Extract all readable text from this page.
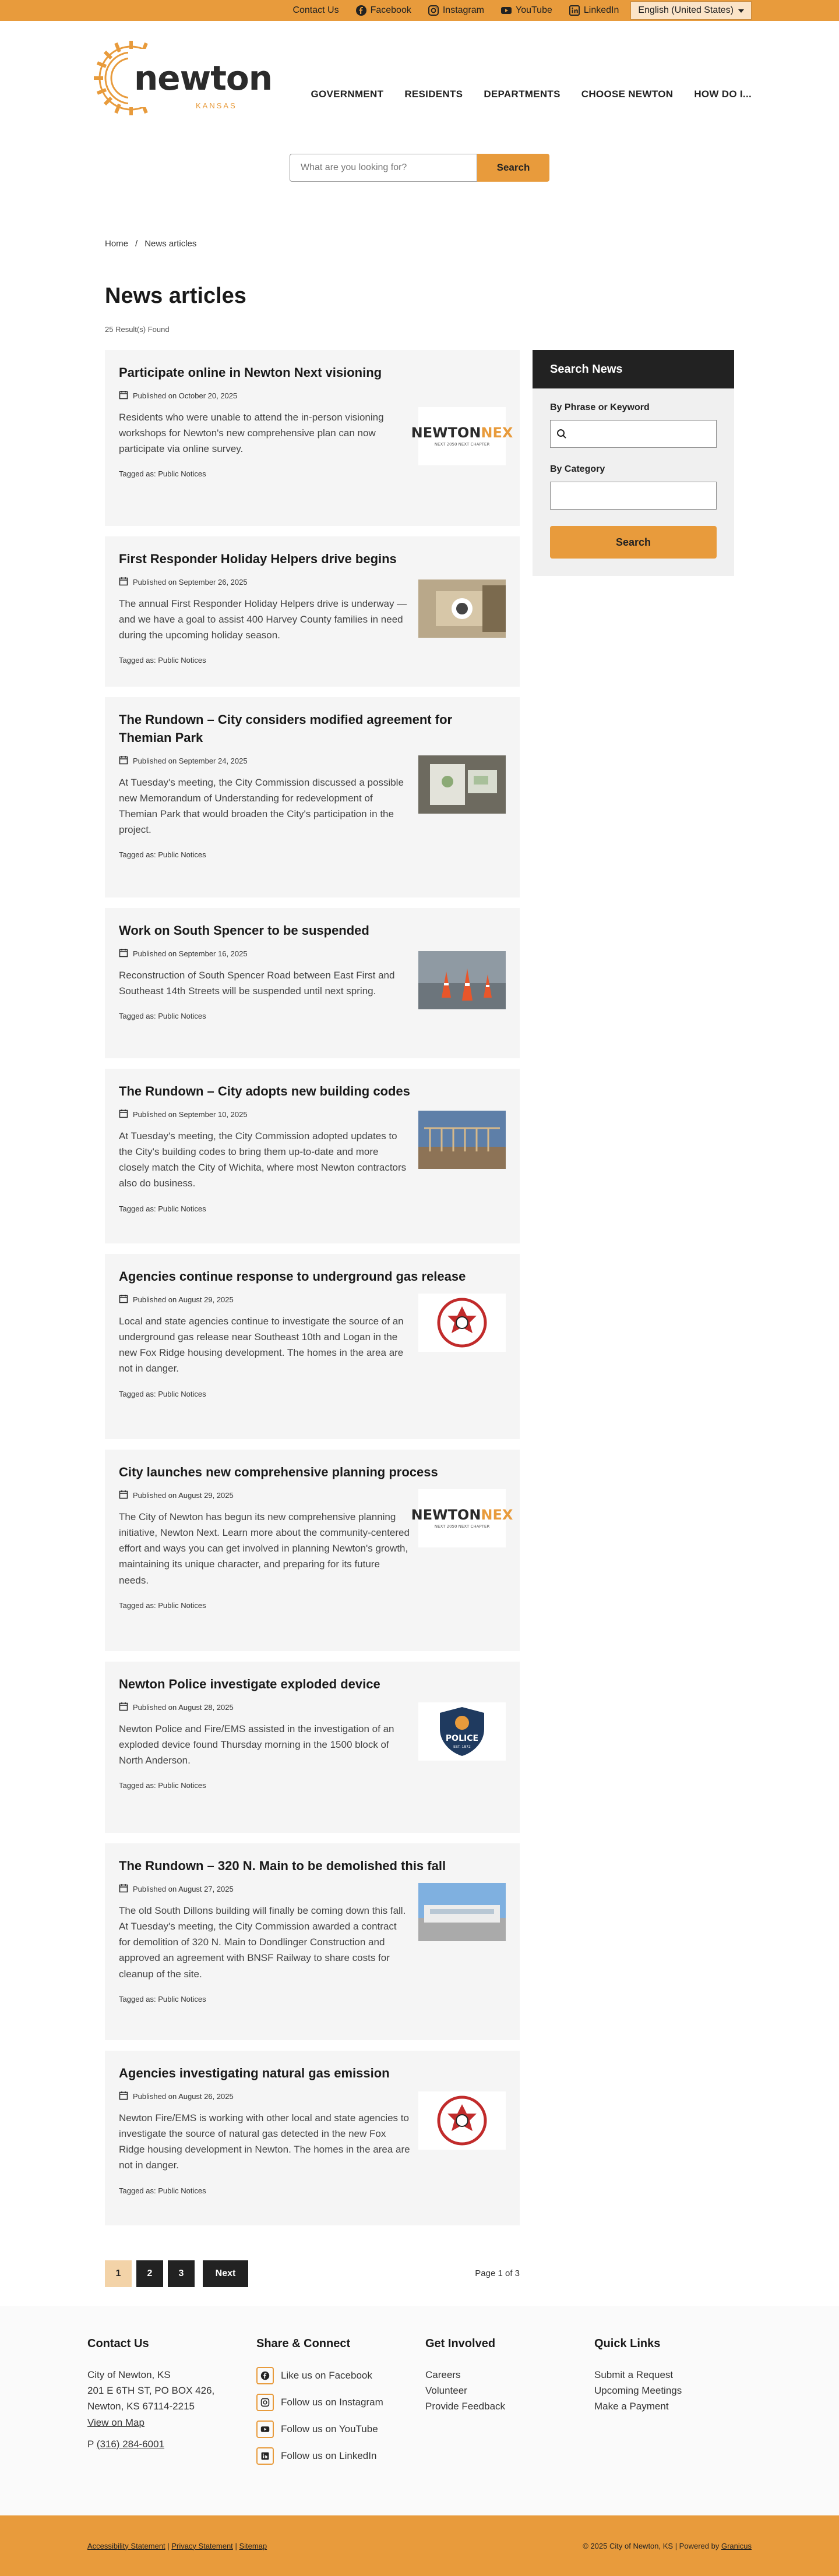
Contact Us	Facebook	Instagram	YouTube	LinkedIn English (United States)
newton
KANSAS
GOVERNMENT RESIDENTS DEPARTMENTS CHOOSE NEWTON HOW DO I...
What are you looking for?
Search
Home / News articles
News articles
25 Result(s) Found
Participate online in Newton Next visioning
Published on October 20, 2025

Residents who were unable to attend the in-person visioning workshops for Newton's new comprehensive plan can now participate via online survey.

Tagged as: Public Notices
NEWTONNEX
NEXT 2050 NEXT CHAPTER
First Responder Holiday Helpers drive begins
Published on September 26, 2025

The annual First Responder Holiday Helpers drive is underway — and we have a goal to assist 400 Harvey County families in need during the upcoming holiday season.

Tagged as: Public Notices
The Rundown – City considers modified agreement for Themian Park
Published on September 24, 2025

At Tuesday's meeting, the City Commission discussed a possible new Memorandum of Understanding for redevelopment of Themian Park that would broaden the City's participation in the project.

Tagged as: Public Notices
Work on South Spencer to be suspended
Published on September 16, 2025

Reconstruction of South Spencer Road between East First and Southeast 14th Streets will be suspended until next spring.

Tagged as: Public Notices
The Rundown – City adopts new building codes
Published on September 10, 2025

At Tuesday's meeting, the City Commission adopted updates to the City's building codes to bring them up-to-date and more closely match the City of Wichita, where most Newton contractors also do business.

Tagged as: Public Notices
Agencies continue response to underground gas release
Published on August 29, 2025

Local and state agencies continue to investigate the source of an underground gas release near Southeast 10th and Logan in the new Fox Ridge housing development. The homes in the area are not in danger.

Tagged as: Public Notices
City launches new comprehensive planning process
Published on August 29, 2025

The City of Newton has begun its new comprehensive planning initiative, Newton Next. Learn more about the community-centered effort and ways you can get involved in planning Newton's growth, maintaining its unique character, and preparing for its future needs.

Tagged as: Public Notices
NEWTONNEX
NEXT 2050 NEXT CHAPTER
Newton Police investigate exploded device
Published on August 28, 2025

Newton Police and Fire/EMS assisted in the investigation of an exploded device found Thursday morning in the 1500 block of North Anderson.

Tagged as: Public Notices
POLICE
EST. 1872
The Rundown – 320 N. Main to be demolished this fall
Published on August 27, 2025

The old South Dillons building will finally be coming down this fall. At Tuesday's meeting, the City Commission awarded a contract for demolition of 320 N. Main to Dondlinger Construction and approved an agreement with BNSF Railway to share costs for cleanup of the site.

Tagged as: Public Notices
Agencies investigating natural gas emission
Published on August 26, 2025

Newton Fire/EMS is working with other local and state agencies to investigate the source of natural gas detected in the new Fox Ridge housing development in Newton. The homes in the area are not in danger.

Tagged as: Public Notices
Search News
By Phrase or Keyword
By Category
Search
1	2	3	Next	Page 1 of 3
Contact Us

City of Newton, KS

201 E 6TH ST, PO BOX 426,

Newton, KS 67114-2215

View on Map

P (316) 284-6001

Share & Connect
Like us on Facebook
Follow us on Instagram
Follow us on YouTube
Follow us on LinkedIn
Get Involved
Careers
Volunteer
Provide Feedback
Quick Links
Submit a Request
Upcoming Meetings
Make a Payment
Accessibility Statement | Privacy Statement | Sitemap	© 2025 City of Newton, KS | Powered by Granicus
